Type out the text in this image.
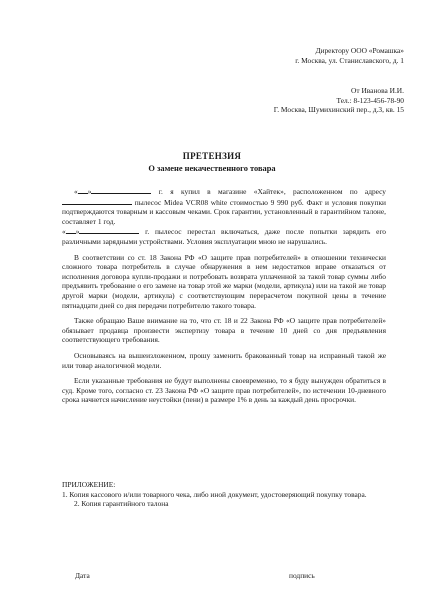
Директору ООО «Ромашка»
г. Москва, ул. Станиславского, д. 1
От Иванова И.И.
Тел.: 8-123-456-78-90
Г. Москва, Шумихинский пер., д.3, кв. 15
ПРЕТЕНЗИЯ
О замене некачественного товара

« »	г. я купил в магазине «Хайтек», расположенном по адресу  пылесос Midea VCR08 white стоимостью 9 990 руб. Факт и условия покупки подтверждаются товарным и кассовым чеками. Срок гарантии, установленный в гарантийном талоне, составляет 1 год.

« »	г. пылесос перестал включаться, даже после попытки зарядить его различными зарядными устройствами. Условия эксплуатации мною не нарушались.

В соответствии со ст. 18 Закона РФ «О защите прав потребителей» в отношении технически сложного товара потребитель в случае обнаружения в нем недостатков вправе отказаться от исполнения договора купли-продажи и потребовать возврата уплаченной за такой товар суммы либо предъявить требование о его замене на товар этой же марки (модели, артикула) или на такой же товар другой марки (модели, артикула) с соответствующим перерасчетом покупной цены в течение пятнадцати дней со дня передачи потребителю такого товара.

Также обращаю Ваше внимание на то, что ст. 18 и 22 Закона РФ «О защите прав потребителей» обязывает продавца произвести экспертизу товара в течение 10 дней со дня предъявления соответствующего требования.

Основываясь на вышеизложенном, прошу заменить бракованный товар на исправный такой же или товар аналогичной модели.

Если указанные требования не будут выполнены своевременно, то я буду вынужден обратиться в суд. Кроме того, согласно ст. 23 Закона РФ «О защите прав потребителей», по истечении 10-дневного срока начнется начисление неустойки (пени) в размере 1% в день за каждый день просрочки.

ПРИЛОЖЕНИЕ:

1. Копия кассового и/или товарного чека, либо иной документ, удостоверяющий покупку товара.

2. Копия гарантийного талона

Дата	подпись
